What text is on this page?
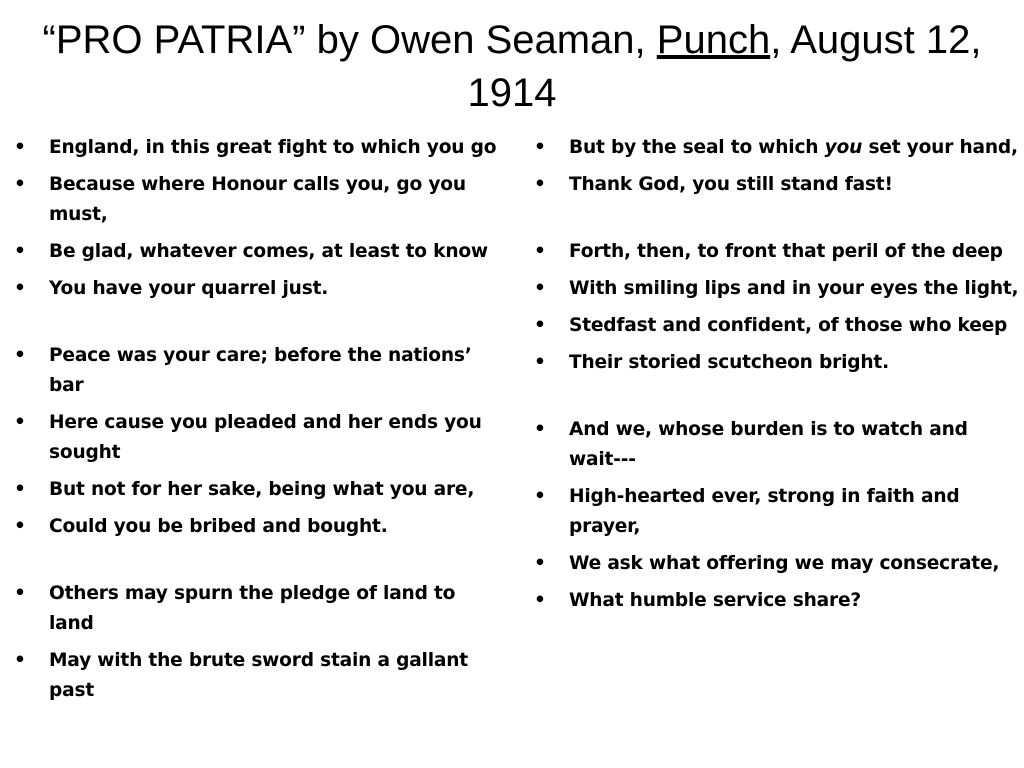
“PRO PATRIA” by Owen Seaman, Punch, August 12, 1914
• England, in this great fight to which you go
• Because where Honour calls you, go you must,
• Be glad, whatever comes, at least to know
• You have your quarrel just.
• Peace was your care; before the nations’ bar
• Here cause you pleaded and her ends you sought
• But not for her sake, being what you are,
• Could you be bribed and bought.
• Others may spurn the pledge of land to land
• May with the brute sword stain a gallant past
• But by the seal to which you set your hand,
• Thank God, you still stand fast!
• Forth, then, to front that peril of the deep
• With smiling lips and in your eyes the light,
• Stedfast and confident, of those who keep
• Their storied scutcheon bright.
• And we, whose burden is to watch and wait---
• High-hearted ever, strong in faith and prayer,
• We ask what offering we may consecrate,
• What humble service share?
